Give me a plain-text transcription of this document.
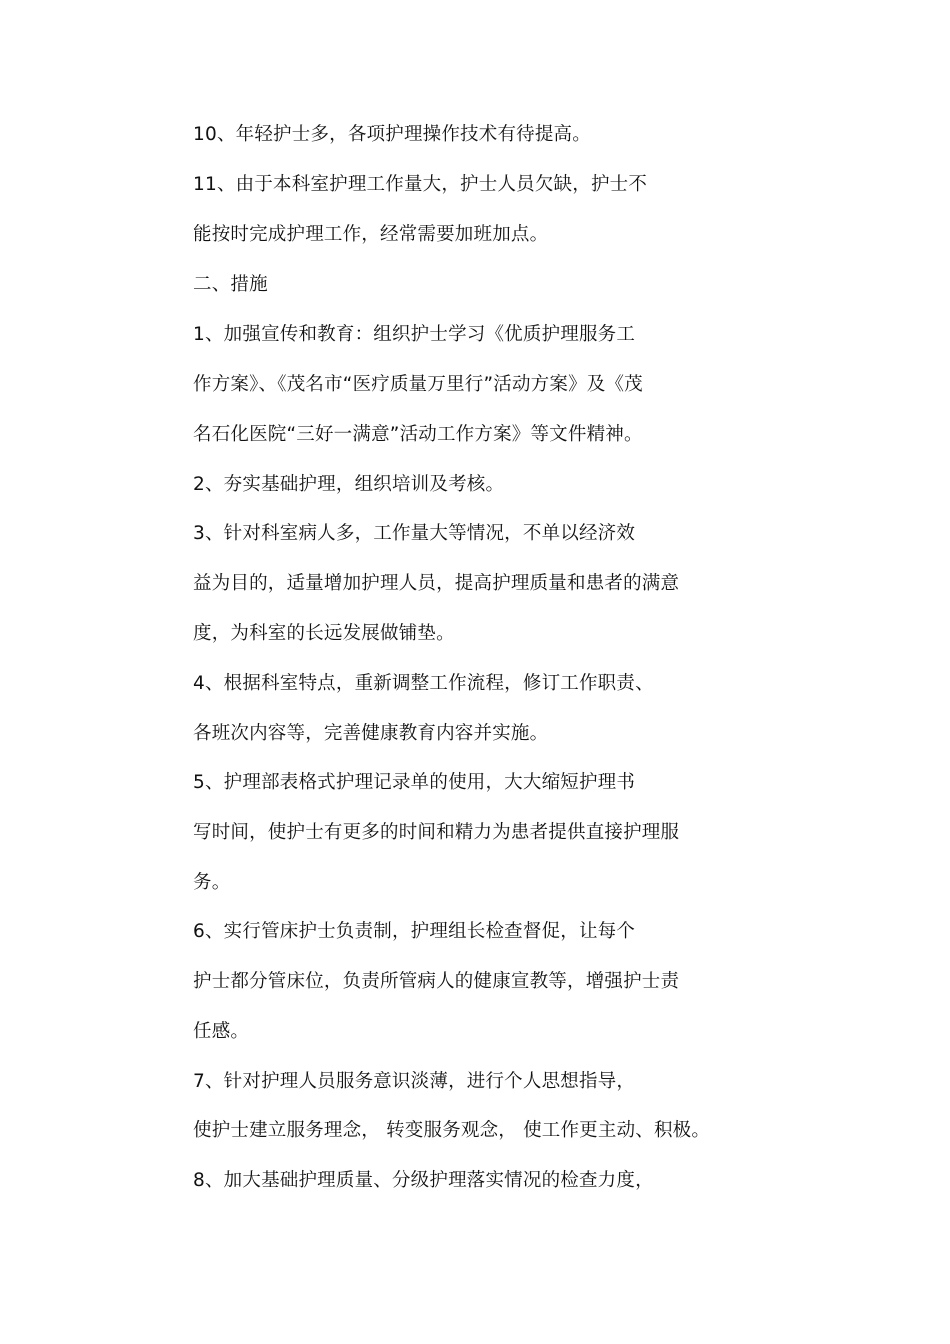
10、年轻护士多，各项护理操作技术有待提高。
11、由于本科室护理工作量大，护士人员欠缺，护士不
能按时完成护理工作，经常需要加班加点。
二、措施
1、加强宣传和教育：组织护士学习《优质护理服务工
作方案》、《茂名市“医疗质量万里行”活动方案》及《茂
名石化医院“三好一满意”活动工作方案》等文件精神。
2、夯实基础护理，组织培训及考核。
3、针对科室病人多，工作量大等情况，不单以经济效
益为目的，适量增加护理人员，提高护理质量和患者的满意
度，为科室的长远发展做铺垫。
4、根据科室特点，重新调整工作流程，修订工作职责、
各班次内容等，完善健康教育内容并实施。
5、护理部表格式护理记录单的使用，大大缩短护理书
写时间，使护士有更多的时间和精力为患者提供直接护理服
务。
6、实行管床护士负责制，护理组长检查督促，让每个
护士都分管床位，负责所管病人的健康宣教等，增强护士责
任感。
7、针对护理人员服务意识淡薄，进行个人思想指导，
使护士建立服务理念， 转变服务观念， 使工作更主动、积极。
8、加大基础护理质量、分级护理落实情况的检查力度，
